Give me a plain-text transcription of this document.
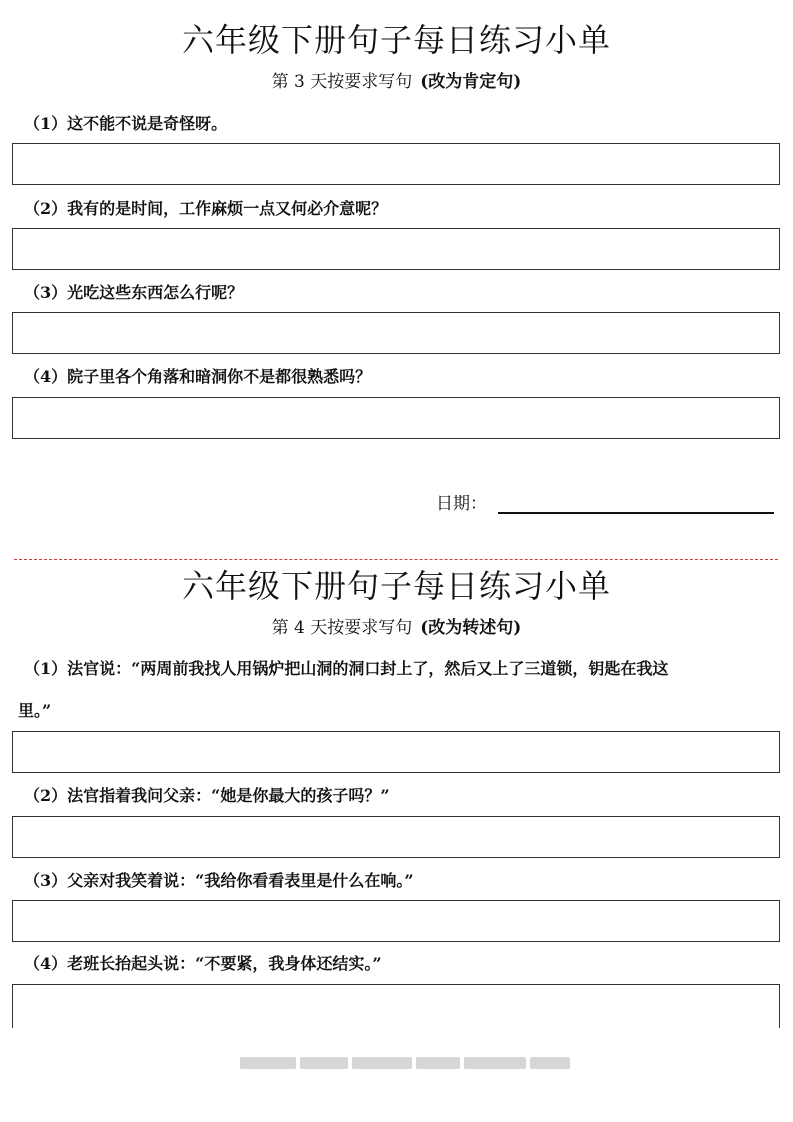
六年级下册句子每日练习小单
第 3 天按要求写句 (改为肯定句)
（1）这不能不说是奇怪呀。
（2）我有的是时间，工作麻烦一点又何必介意呢？
（3）光吃这些东西怎么行呢？
（4）院子里各个角落和暗洞你不是都很熟悉吗？
日期：
六年级下册句子每日练习小单
第 4 天按要求写句 (改为转述句)
（1）法官说：“两周前我找人用锅炉把山洞的洞口封上了，然后又上了三道锁，钥匙在我这
里。”
（2）法官指着我问父亲：“她是你最大的孩子吗？”
（3）父亲对我笑着说：“我给你看看表里是什么在响。”
（4）老班长抬起头说：“不要紧，我身体还结实。”
